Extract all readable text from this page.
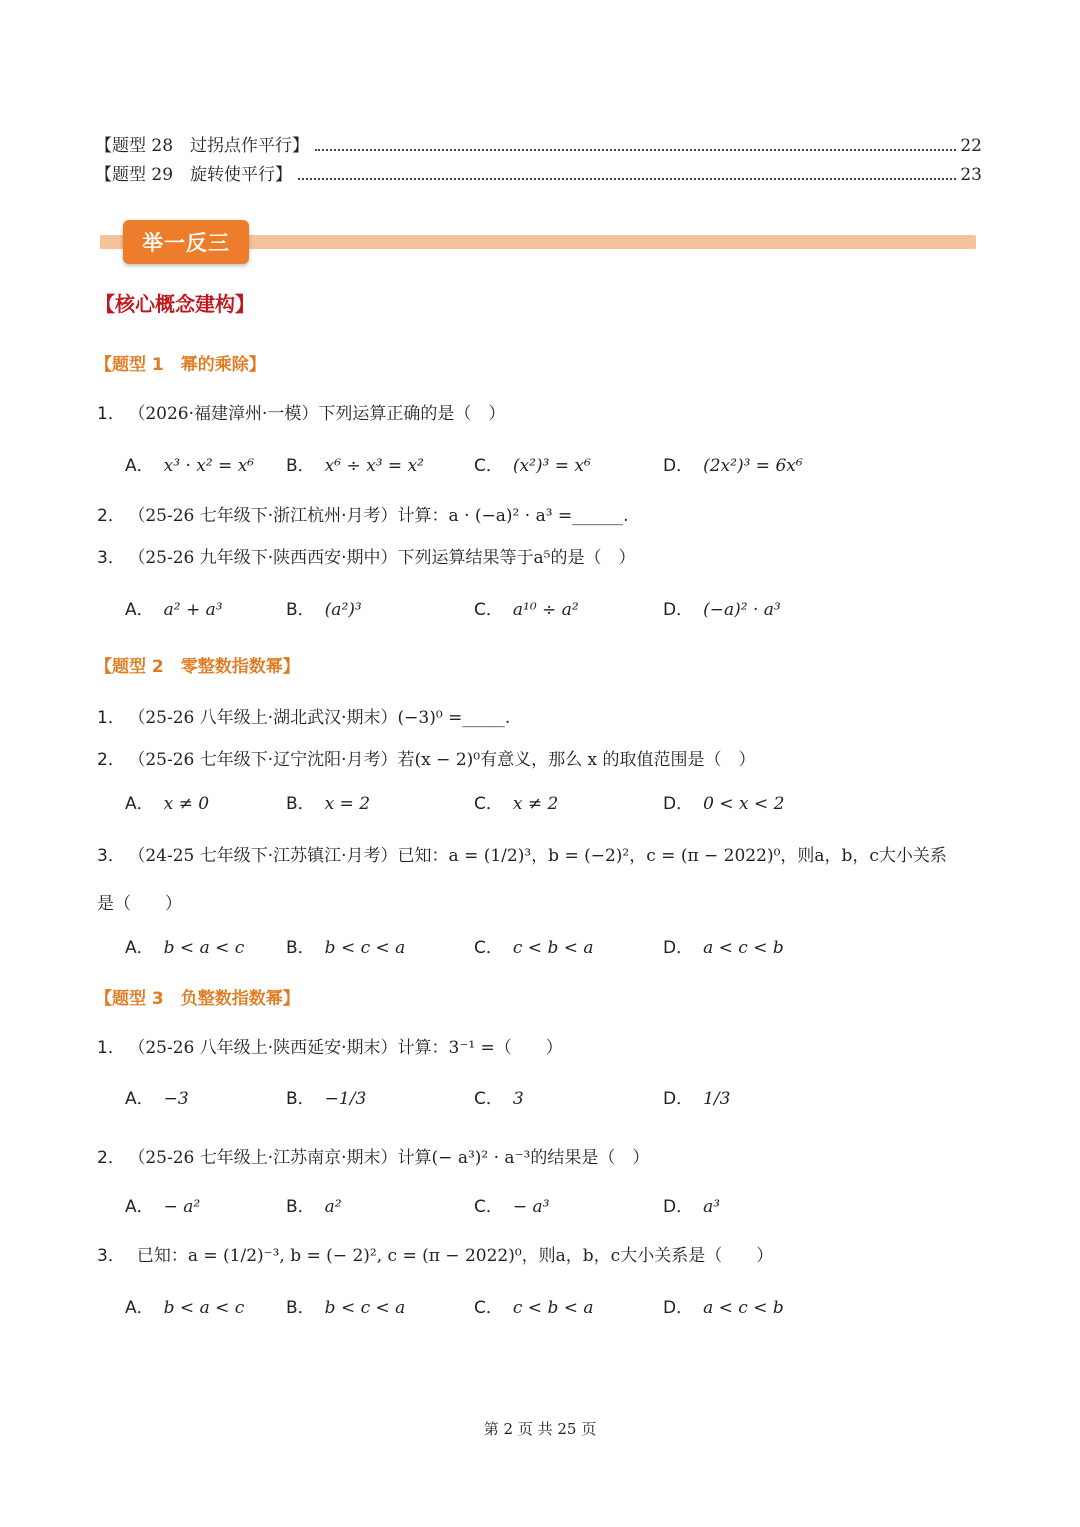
【题型 28　过拐点作平行】	22
【题型 29　旋转使平行】	23
举一反三
【核心概念建构】
【题型 1　幂的乘除】
1． （2026·福建漳州·一模）下列运算正确的是（　）
A． x³ · x² = x⁶ B． x⁶ ÷ x³ = x²	C． (x²)³ = x⁶	D． (2x²)³ = 6x⁶
2． （25-26 七年级下·浙江杭州·月考）计算：a · (−a)² · a³ =______.
3． （25-26 九年级下·陕西西安·期中）下列运算结果等于a⁵的是（　）
A． a² + a³	B． (a²)³	C． a¹⁰ ÷ a²	D． (−a)² · a³
【题型 2　零整数指数幂】
1． （25-26 八年级上·湖北武汉·期末）(−3)⁰ =_____.
2． （25-26 七年级下·辽宁沈阳·月考）若(x − 2)⁰有意义，那么 x 的取值范围是（　）
A． x ≠ 0	B． x = 2	C． x ≠ 2	D． 0 < x < 2
3． （24-25 七年级下·江苏镇江·月考）已知：a = (1/2)³，b = (−2)²，c = (π − 2022)⁰，则a，b，c大小关系
是（　　）
A． b < a < c B． b < c < a	C． c < b < a	D． a < c < b
【题型 3　负整数指数幂】
1． （25-26 八年级上·陕西延安·期末）计算：3⁻¹ =（　　）
A． −3	B． −1/3	C． 3	D． 1/3
2． （25-26 七年级上·江苏南京·期末）计算(− a³)² · a⁻³的结果是（　）
A． − a²	B． a²	C． − a³	D． a³
3． 已知：a = (1/2)⁻³, b = (− 2)², c = (π − 2022)⁰，则a，b，c大小关系是（　　）
A． b < a < c B． b < c < a	C． c < b < a	D． a < c < b
第 2 页 共 25 页
